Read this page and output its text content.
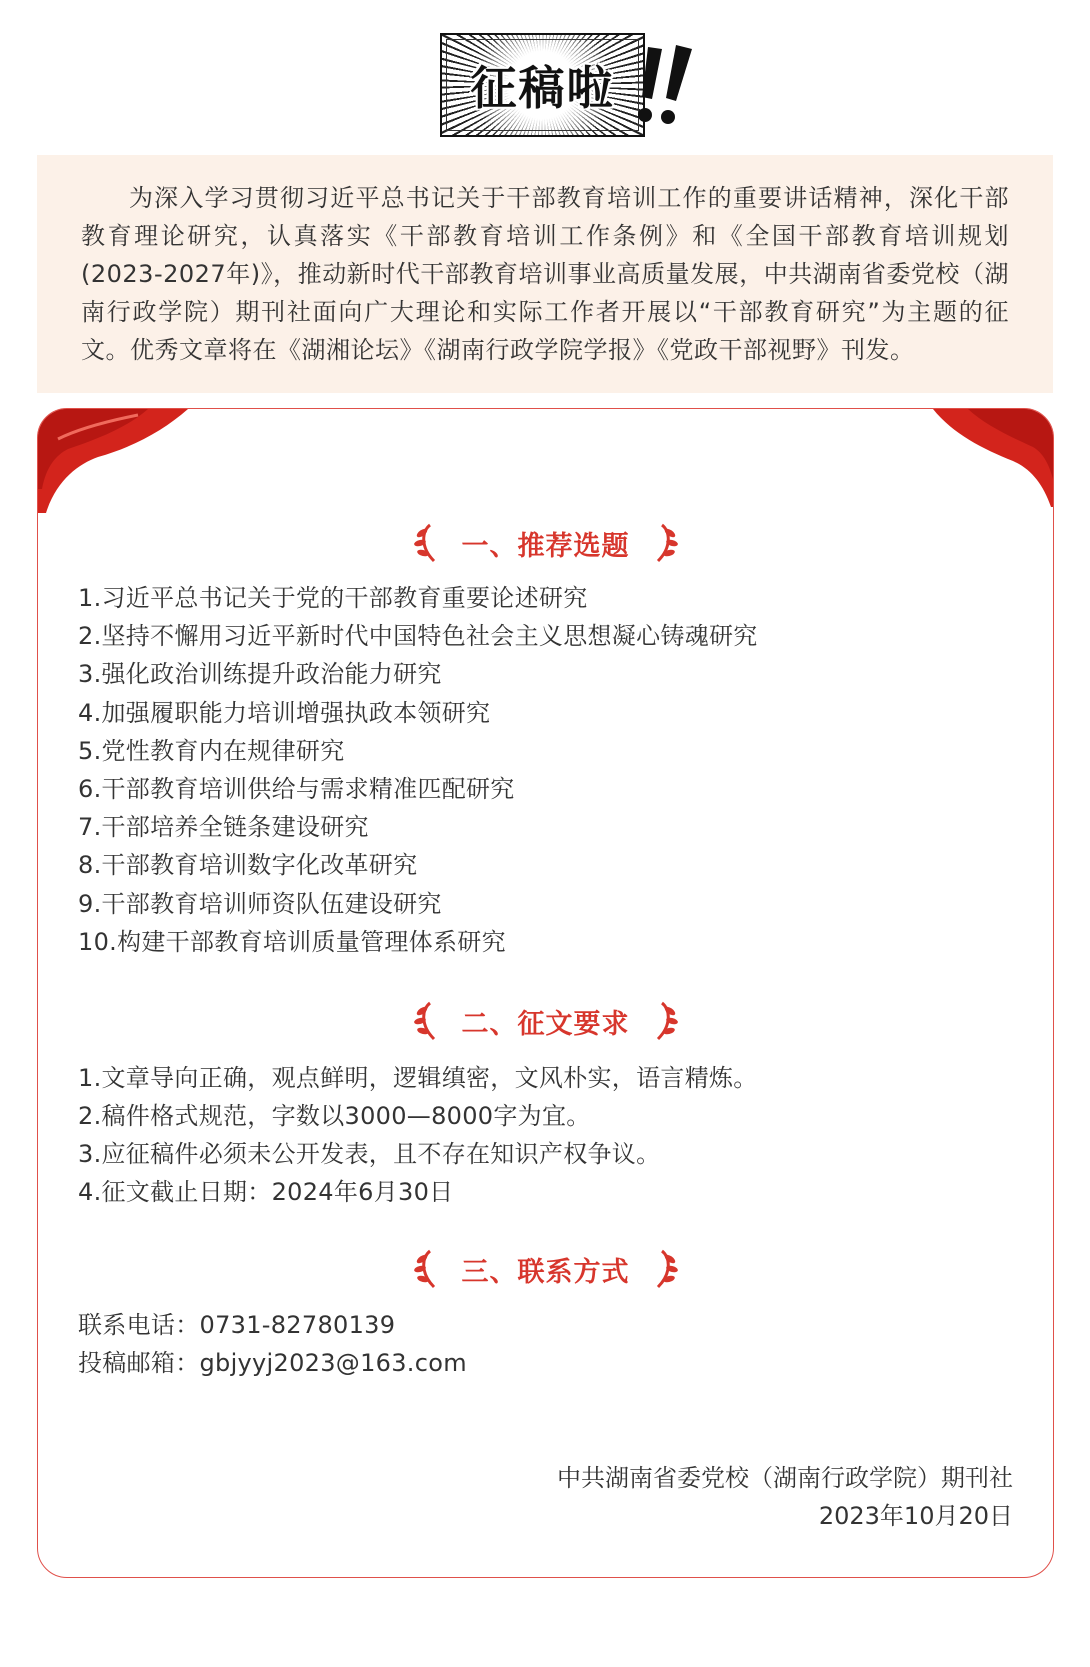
征稿啦

为深入学习贯彻习近平总书记关于干部教育培训工作的重要讲话精神，深化干部教育理论研究，认真落实《干部教育培训工作条例》和《全国干部教育培训规划(2023-2027年)》，推动新时代干部教育培训事业高质量发展，中共湖南省委党校（湖南行政学院）期刊社面向广大理论和实际工作者开展以“干部教育研究”为主题的征文。优秀文章将在《湖湘论坛》《湖南行政学院学报》《党政干部视野》刊发。

一、推荐选题
1.习近平总书记关于党的干部教育重要论述研究
2.坚持不懈用习近平新时代中国特色社会主义思想凝心铸魂研究
3.强化政治训练提升政治能力研究
4.加强履职能力培训增强执政本领研究
5.党性教育内在规律研究
6.干部教育培训供给与需求精准匹配研究
7.干部培养全链条建设研究
8.干部教育培训数字化改革研究
9.干部教育培训师资队伍建设研究
10.构建干部教育培训质量管理体系研究
二、征文要求
1.文章导向正确，观点鲜明，逻辑缜密，文风朴实，语言精炼。
2.稿件格式规范，字数以3000—8000字为宜。
3.应征稿件必须未公开发表，且不存在知识产权争议。
4.征文截止日期：2024年6月30日
三、联系方式
联系电话：0731-82780139
投稿邮箱：gbjyyj2023@163.com
中共湖南省委党校（湖南行政学院）期刊社
2023年10月20日
